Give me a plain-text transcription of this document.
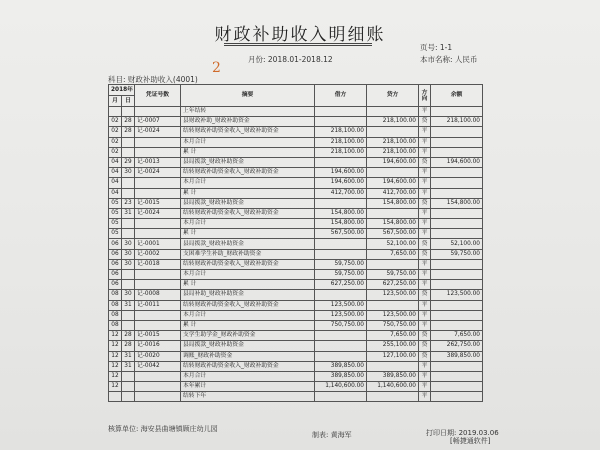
财政补助收入明细账
月份: 2018.01-2018.12
页号: 1-1
本市名称: 人民币
科目: 财政补助收入(4001)
2
2018年		凭证号数	摘要	借方	贷方	方向	余额
月	日						
			上年结转			平	
02	28	记-0007	县财政补助_财政补助资金		218,100.00	贷	218,100.00
02	28	记-0024	结转财政补助资金收入_财政补助资金	218,100.00		平	
02			本月合计	218,100.00	218,100.00	平	
02			累 计	218,100.00	218,100.00	平	
04	29	记-0013	县局拨款_财政补助资金		194,600.00	贷	194,600.00
04	30	记-0024	结转财政补助资金收入_财政补助资金	194,600.00		平	
04			本月合计	194,600.00	194,600.00	平	
04			累 计	412,700.00	412,700.00	平	
05	23	记-0015	县局拨款_财政补助资金		154,800.00	贷	154,800.00
05	31	记-0024	结转财政补助资金收入_财政补助资金	154,800.00		平	
05			本月合计	154,800.00	154,800.00	平	
05			累 计	567,500.00	567,500.00	平	
06	30	记-0001	县局拨款_财政补助资金		52,100.00	贷	52,100.00
06	30	记-0002	支困难学生补助_财政补助资金		7,650.00	贷	59,750.00
06	30	记-0018	结转财政补助资金收入_财政补助资金	59,750.00		平	
06			本月合计	59,750.00	59,750.00	平	
06			累 计	627,250.00	627,250.00	平	
08	30	记-0008	县局补助_财政补助资金		123,500.00	贷	123,500.00
08	31	记-0011	结转财政补助资金收入_财政补助资金	123,500.00		平	
08			本月合计	123,500.00	123,500.00	平	
08			累 计	750,750.00	750,750.00	平	
12	28	记-0015	支学生助学金_财政补助资金		7,650.00	贷	7,650.00
12	28	记-0016	县局拨款_财政补助资金		255,100.00	贷	262,750.00
12	31	记-0020	调账_财政补助资金		127,100.00	贷	389,850.00
12	31	记-0042	结转财政补助资金收入_财政补助资金	389,850.00		平	
12			本月合计	389,850.00	389,850.00	平	
12			本年累计	1,140,600.00	1,140,600.00	平	
			结转下年			平	
核算单位: 海安县曲塘镇顾庄幼儿园
制表: 黄海军	打印日期: 2019.03.06
[畅捷通软件]
